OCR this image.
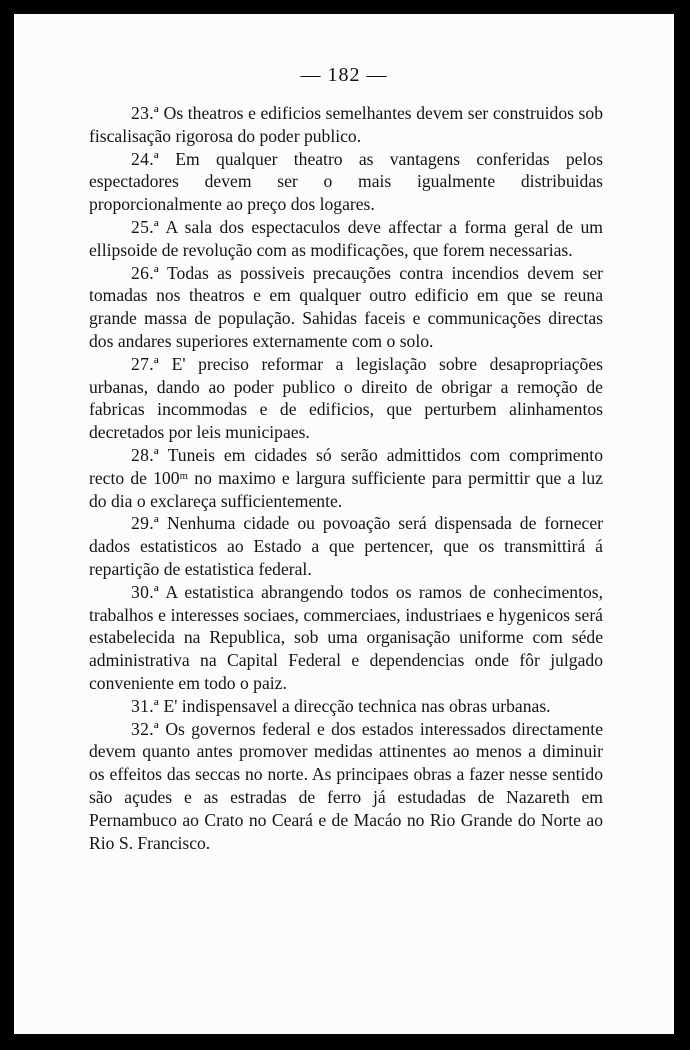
— 182 —

23.ª Os theatros e edificios semelhantes devem ser construidos sob fiscalisação rigorosa do poder publico.

24.ª Em qualquer theatro as vantagens conferidas pelos espectadores devem ser o mais igualmente distribuidas proporcionalmente ao preço dos logares.

25.ª A sala dos espectaculos deve affectar a forma geral de um ellipsoide de revolução com as modificações, que forem necessarias.

26.ª Todas as possiveis precauções contra incendios devem ser tomadas nos theatros e em qualquer outro edificio em que se reuna grande massa de população. Sahidas faceis e communicações directas dos andares superiores externamente com o solo.

27.ª E' preciso reformar a legislação sobre desapropriações urbanas, dando ao poder publico o direito de obrigar a remoção de fabricas incommodas e de edificios, que perturbem alinhamentos decretados por leis municipaes.

28.ª Tuneis em cidades só serão admittidos com comprimento recto de 100ᵐ no maximo e largura sufficiente para permittir que a luz do dia o exclareça sufficientemente.

29.ª Nenhuma cidade ou povoação será dispensada de fornecer dados estatisticos ao Estado a que pertencer, que os transmittirá á repartição de estatistica federal.

30.ª A estatistica abrangendo todos os ramos de conhecimentos, trabalhos e interesses sociaes, commerciaes, industriaes e hygenicos será estabelecida na Republica, sob uma organisação uniforme com séde administrativa na Capital Federal e dependencias onde fôr julgado conveniente em todo o paiz.

31.ª E' indispensavel a direcção technica nas obras urbanas.

32.ª Os governos federal e dos estados interessados directamente devem quanto antes promover medidas attinentes ao menos a diminuir os effeitos das seccas no norte. As principaes obras a fazer nesse sentido são açudes e as estradas de ferro já estudadas de Nazareth em Pernambuco ao Crato no Ceará e de Macáo no Rio Grande do Norte ao Rio S. Francisco.
